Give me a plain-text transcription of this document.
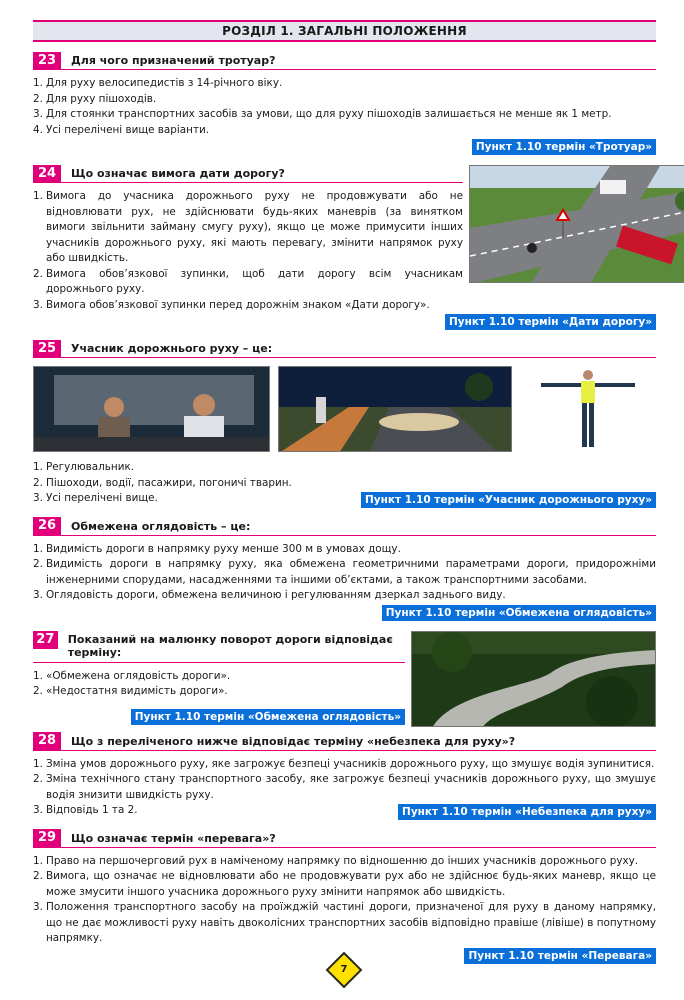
РОЗДІЛ 1. ЗАГАЛЬНІ ПОЛОЖЕННЯ
23	Для чого призначений тротуар?
1. Для руху велосипедистів з 14-річного віку.
2. Для руху пішоходів.
3. Для стоянки транспортних засобів за умови, що для руху пішоходів залишається не менше як 1 метр.
4. Усі перелічені вище варіанти.
Пункт 1.10 термін «Тротуар»
24	Що означає вимога дати дорогу?
1. Вимога до учасника дорожнього руху не продовжувати або не відновлювати рух, не здійснювати будь-яких маневрів (за винятком вимоги звільнити займану смугу руху), якщо це може примусити інших учасників дорожнього руху, які мають перевагу, змінити напрямок руху або швидкість.
2. Вимога обов’язкової зупинки, щоб дати дорогу всім учасникам дорожнього руху.
3. Вимога обов’язкової зупинки перед дорожнім знаком «Дати дорогу».
Пункт 1.10 термін «Дати дорогу»
25	Учасник дорожнього руху – це:
1. Регулювальник.
2. Пішоходи, водії, пасажири, погоничі тварин.
3. Усі перелічені вище.	Пункт 1.10 термін «Учасник дорожнього руху»
26	Обмежена оглядовість – це:
1. Видимість дороги в напрямку руху менше 300 м в умовах дощу.
2. Видимість дороги в напрямку руху, яка обмежена геометричними параметрами дороги, придорожніми інженерними спорудами, насадженнями та іншими об’єктами, а також транспортними засобами.
3. Оглядовість дороги, обмежена величиною і регулюванням дзеркал заднього виду.
Пункт 1.10 термін «Обмежена оглядовість»
27	Показаний на малюнку поворот дороги відповідає терміну:
1. «Обмежена оглядовість дороги».
2. «Недостатня видимість дороги».
Пункт 1.10 термін «Обмежена оглядовість»
28	Що з переліченого нижче відповідає терміну «небезпека для руху»?
1. Зміна умов дорожнього руху, яке загрожує безпеці учасників дорожнього руху, що змушує водія зупинитися.
2. Зміна технічного стану транспортного засобу, яке загрожує безпеці учасників дорожнього руху, що змушує водія знизити швидкість руху.
3. Відповідь 1 та 2.	Пункт 1.10 термін «Небезпека для руху»
29	Що означає термін «перевага»?
1. Право на першочерговий рух в наміченому напрямку по відношенню до інших учасників дорожнього руху.
2. Вимога, що означає не відновлювати або не продовжувати рух або не здійснює будь-яких маневр, якщо це може змусити іншого учасника дорожнього руху змінити напрямок або швидкість.
3. Положення транспортного засобу на проїжджій частині дороги, призначеної для руху в даному напрямку, що не дає можливості руху навіть двоколісних транспортних засобів відповідно правіше (лівіше) в попутному напрямку.
Пункт 1.10 термін «Перевага»
7
